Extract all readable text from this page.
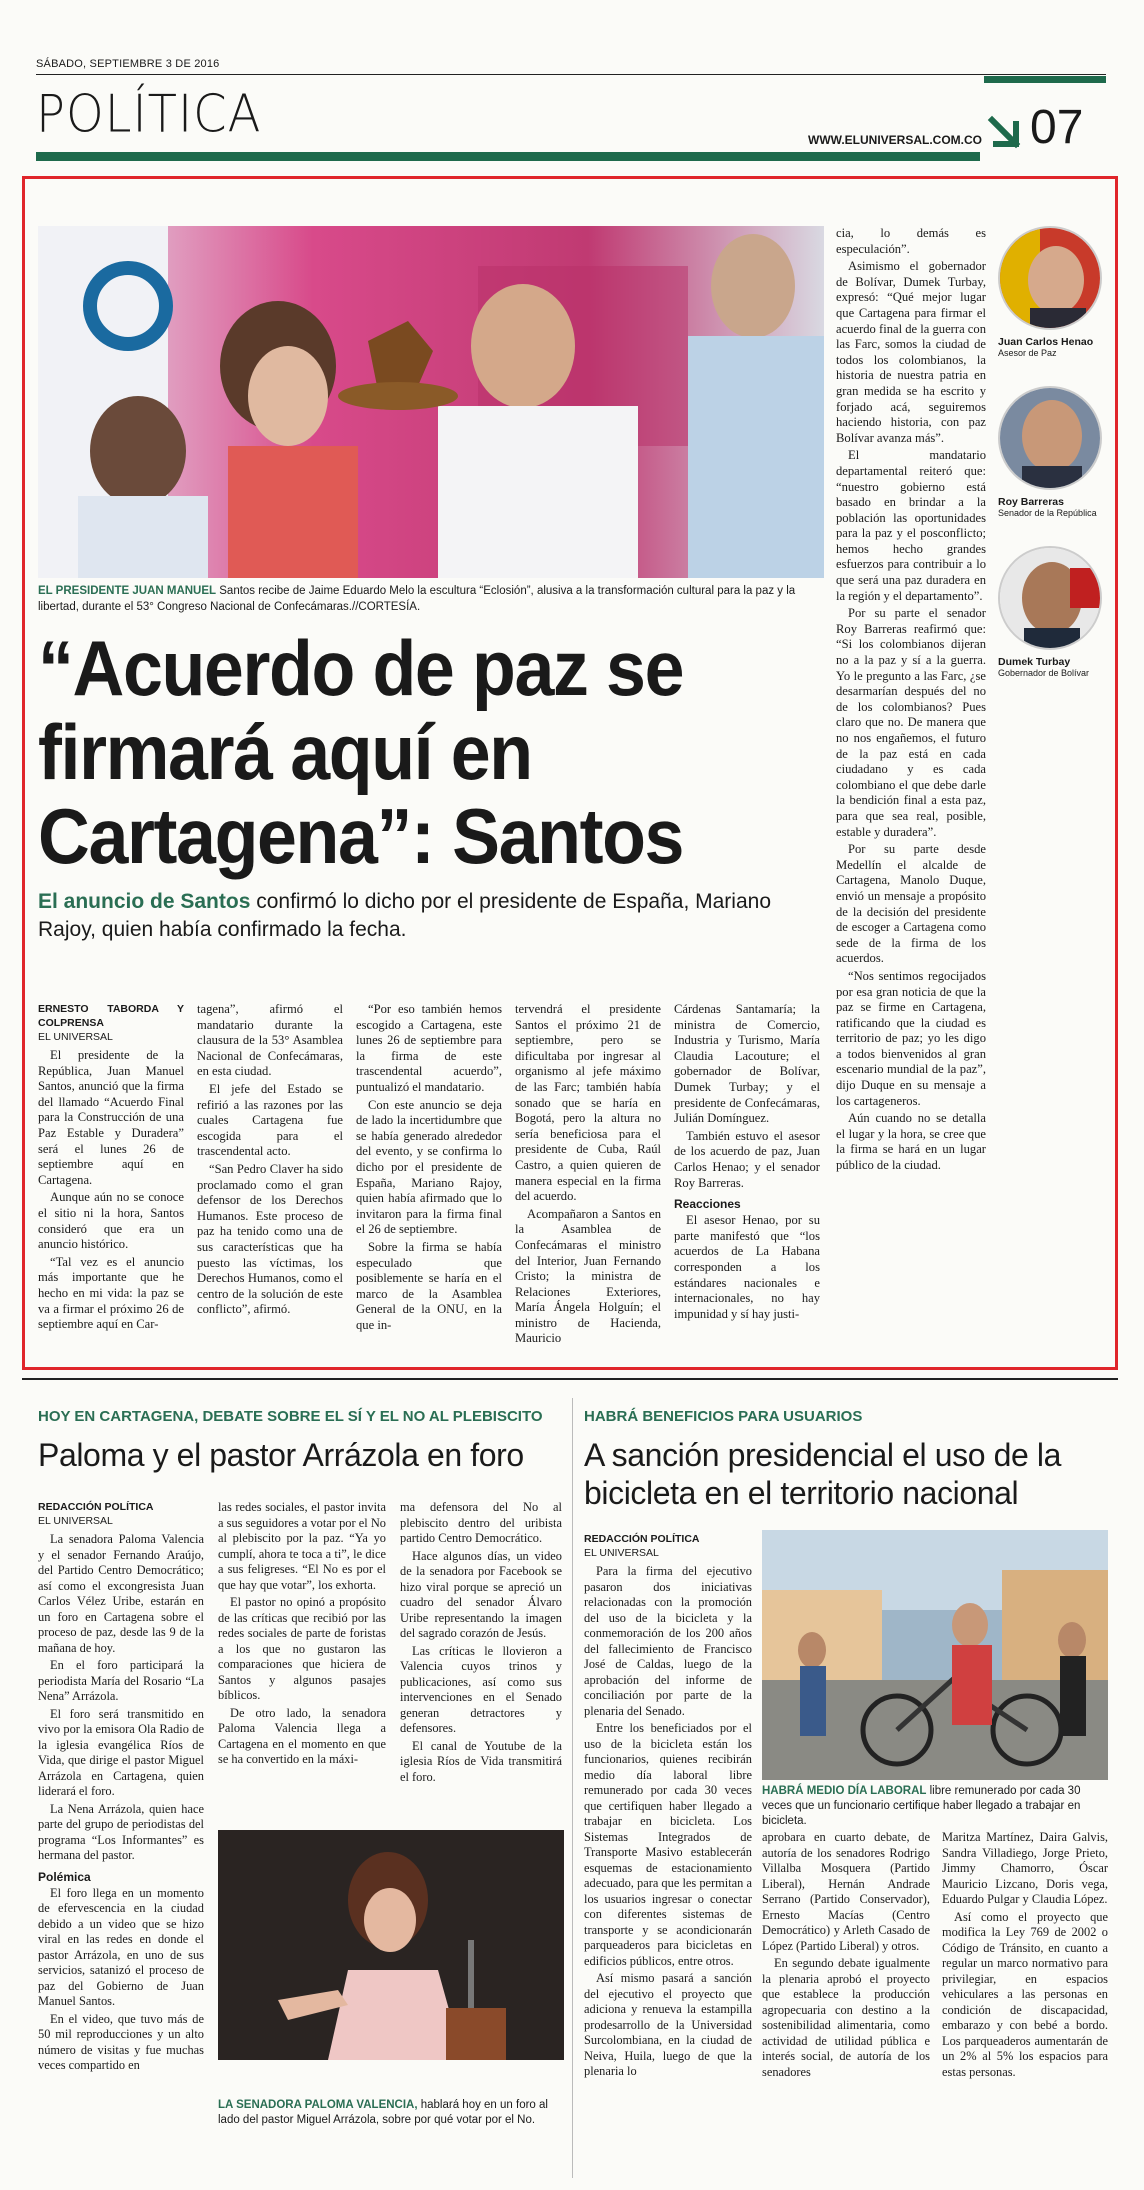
SÁBADO, SEPTIEMBRE 3 DE 2016
POLÍTICA	WWW.ELUNIVERSAL.COM.CO 07
EL PRESIDENTE JUAN MANUEL Santos recibe de Jaime Eduardo Melo la escultura “Eclosión”, alusiva a la transformación cultural para la paz y la libertad, durante el 53° Congreso Nacional de Confecámaras.//CORTESÍA.
“Acuerdo de paz se firmará aquí en Cartagena”: Santos
El anuncio de Santos confirmó lo dicho por el presidente de España, Mariano Rajoy, quien había confirmado la fecha.
ERNESTO TABORDA Y COLPRENSA
EL UNIVERSAL

El presidente de la República, Juan Manuel Santos, anunció que la firma del llamado “Acuerdo Final para la Construcción de una Paz Estable y Duradera” será el lunes 26 de septiembre aquí en Cartagena.

Aunque aún no se conoce el sitio ni la hora, Santos consideró que era un anuncio histórico.

“Tal vez es el anuncio más importante que he hecho en mi vida: la paz se va a firmar el próximo 26 de septiembre aquí en Car-

tagena”, afirmó el mandatario durante la clausura de la 53° Asamblea Nacional de Confecámaras, en esta ciudad.

El jefe del Estado se refirió a las razones por las cuales Cartagena fue escogida para el trascendental acto.

“San Pedro Claver ha sido proclamado como el gran defensor de los Derechos Humanos. Este proceso de paz ha tenido como una de sus características que ha puesto las víctimas, los Derechos Humanos, como el centro de la solución de este conflicto”, afirmó.

“Por eso también hemos escogido a Cartagena, este lunes 26 de septiembre para la firma de este trascendental acuerdo”, puntualizó el mandatario.

Con este anuncio se deja de lado la incertidumbre que se había generado alrededor del evento, y se confirma lo dicho por el presidente de España, Mariano Rajoy, quien había afirmado que lo invitaron para la firma final el 26 de septiembre.

Sobre la firma se había especulado que posiblemente se haría en el marco de la Asamblea General de la ONU, en la que in-

tervendrá el presidente Santos el próximo 21 de septiembre, pero se dificultaba por ingresar al organismo al jefe máximo de las Farc; también había sonado que se haría en Bogotá, pero la altura no sería beneficiosa para el presidente de Cuba, Raúl Castro, a quien quieren de manera especial en la firma del acuerdo.

Acompañaron a Santos en la Asamblea de Confecámaras el ministro del Interior, Juan Fernando Cristo; la ministra de Relaciones Exteriores, María Ángela Holguín; el ministro de Hacienda, Mauricio

Cárdenas Santamaría; la ministra de Comercio, Industria y Turismo, María Claudia Lacouture; el gobernador de Bolívar, Dumek Turbay; y el presidente de Confecámaras, Julián Domínguez.

También estuvo el asesor de los acuerdo de paz, Juan Carlos Henao; y el senador Roy Barreras.

Reacciones

El asesor Henao, por su parte manifestó que “los acuerdos de La Habana corresponden a los estándares nacionales e internacionales, no hay impunidad y sí hay justi-

cia, lo demás es especulación”.

Asimismo el gobernador de Bolívar, Dumek Turbay, expresó: “Qué mejor lugar que Cartagena para firmar el acuerdo final de la guerra con las Farc, somos la ciudad de todos los colombianos, la historia de nuestra patria en gran medida se ha escrito y forjado acá, seguiremos haciendo historia, con paz Bolívar avanza más”.

El mandatario departamental reiteró que: “nuestro gobierno está basado en brindar a la población las oportunidades para la paz y el posconflicto; hemos hecho grandes esfuerzos para contribuir a lo que será una paz duradera en la región y el departamento”.

Por su parte el senador Roy Barreras reafirmó que: “Si los colombianos dijeran no a la paz y sí a la guerra. Yo le pregunto a las Farc, ¿se desarmarían después del no de los colombianos? Pues claro que no. De manera que no nos engañemos, el futuro de la paz está en cada ciudadano y es cada colombiano el que debe darle la bendición final a esta paz, para que sea real, posible, estable y duradera”.

Por su parte desde Medellín el alcalde de Cartagena, Manolo Duque, envió un mensaje a propósito de la decisión del presidente de escoger a Cartagena como sede de la firma de los acuerdos.

“Nos sentimos regocijados por esa gran noticia de que la paz se firme en Cartagena, ratificando que la ciudad es territorio de paz; yo les digo a todos bienvenidos al gran escenario mundial de la paz”, dijo Duque en su mensaje a los cartageneros.

Aún cuando no se detalla el lugar y la hora, se cree que la firma se hará en un lugar público de la ciudad.

Juan Carlos Henao
Asesor de Paz
Roy Barreras
Senador de la República
Dumek Turbay
Gobernador de Bolívar
HOY EN CARTAGENA, DEBATE SOBRE EL SÍ Y EL NO AL PLEBISCITO
Paloma y el pastor Arrázola en foro
REDACCIÓN POLÍTICA
EL UNIVERSAL

La senadora Paloma Valencia y el senador Fernando Araújo, del Partido Centro Democrático; así como el excongresista Juan Carlos Vélez Uribe, estarán en un foro en Cartagena sobre el proceso de paz, desde las 9 de la mañana de hoy.

En el foro participará la periodista María del Rosario “La Nena” Arrázola.

El foro será transmitido en vivo por la emisora Ola Radio de la iglesia evangélica Ríos de Vida, que dirige el pastor Miguel Arrázola en Cartagena, quien liderará el foro.

La Nena Arrázola, quien hace parte del grupo de periodistas del programa “Los Informantes” es hermana del pastor.

Polémica

El foro llega en un momento de efervescencia en la ciudad debido a un video que se hizo viral en las redes en donde el pastor Arrázola, en uno de sus servicios, satanizó el proceso de paz del Gobierno de Juan Manuel Santos.

En el video, que tuvo más de 50 mil reproducciones y un alto número de visitas y fue muchas veces compartido en

las redes sociales, el pastor invita a sus seguidores a votar por el No al plebiscito por la paz. “Ya yo cumplí, ahora te toca a ti”, le dice a sus feligreses. “El No es por el que hay que votar”, los exhorta.

El pastor no opinó a propósito de las críticas que recibió por las redes sociales de parte de foristas a los que no gustaron las comparaciones que hiciera de Santos y algunos pasajes bíblicos.

De otro lado, la senadora Paloma Valencia llega a Cartagena en el momento en que se ha convertido en la máxi-

ma defensora del No al plebiscito dentro del uribista partido Centro Democrático.

Hace algunos días, un video de la senadora por Facebook se hizo viral porque se apreció un cuadro del senador Álvaro Uribe representando la imagen del sagrado corazón de Jesús.

Las críticas le llovieron a Valencia cuyos trinos y publicaciones, así como sus intervenciones en el Senado generan detractores y defensores.

El canal de Youtube de la iglesia Ríos de Vida transmitirá el foro.

LA SENADORA PALOMA VALENCIA, hablará hoy en un foro al lado del pastor Miguel Arrázola, sobre por qué votar por el No.
HABRÁ BENEFICIOS PARA USUARIOS
A sanción presidencial el uso de la bicicleta en el territorio nacional
REDACCIÓN POLÍTICA
EL UNIVERSAL

Para la firma del ejecutivo pasaron dos iniciativas relacionadas con la promoción del uso de la bicicleta y la conmemoración de los 200 años del fallecimiento de Francisco José de Caldas, luego de la aprobación del informe de conciliación por parte de la plenaria del Senado.

Entre los beneficiados por el uso de la bicicleta están los funcionarios, quienes recibirán medio día laboral libre remunerado por cada 30 veces que certifiquen haber llegado a trabajar en bicicleta. Los Sistemas Integrados de Transporte Masivo establecerán esquemas de estacionamiento adecuado, para que les permitan a los usuarios ingresar o conectar con diferentes sistemas de transporte y se acondicionarán parqueaderos para bicicletas en edificios públicos, entre otros.

Así mismo pasará a sanción del ejecutivo el proyecto que adiciona y renueva la estampilla prodesarrollo de la Universidad Surcolombiana, en la ciudad de Neiva, Huila, luego de que la plenaria lo

HABRÁ MEDIO DÍA LABORAL libre remunerado por cada 30 veces que un funcionario certifique haber llegado a trabajar en bicicleta.

aprobara en cuarto debate, de autoría de los senadores Rodrigo Villalba Mosquera (Partido Liberal), Hernán Andrade Serrano (Partido Conservador), Ernesto Macías (Centro Democrático) y Arleth Casado de López (Partido Liberal) y otros.

En segundo debate igualmente la plenaria aprobó el proyecto que establece la producción agropecuaria con destino a la sostenibilidad alimentaria, como actividad de utilidad pública e interés social, de autoría de los senadores

Maritza Martínez, Daira Galvis, Sandra Villadiego, Jorge Prieto, Jimmy Chamorro, Óscar Mauricio Lizcano, Doris vega, Eduardo Pulgar y Claudia López.

Así como el proyecto que modifica la Ley 769 de 2002 o Código de Tránsito, en cuanto a regular un marco normativo para privilegiar, en espacios vehiculares a las personas en condición de discapacidad, embarazo y con bebé a bordo. Los parqueaderos aumentarán de un 2% al 5% los espacios para estas personas.
